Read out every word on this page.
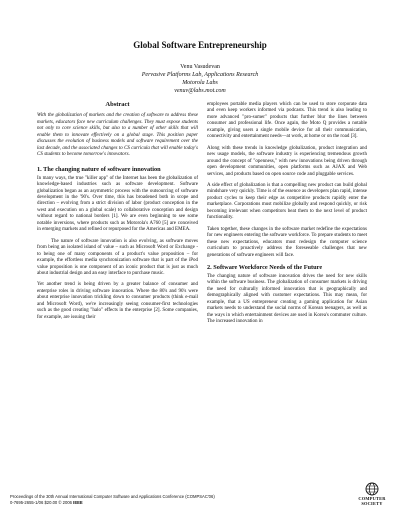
Global Software Entrepreneurship
Venu Vasudevan
Pervasive Platforms Lab, Applications Research
Motorola Labs
venuv@labs.mot.com
Abstract
With the globalization of markets and the creation of software to address these markets, educators face new curriculum challenges. They must expose students not only to core science skills, but also to a number of other skills that will enable them to innovate effectively on a global stage. This position paper discusses the evolution of business models and software requirement over the last decade, and the associated changes to CS curricula that will enable today's CS students to become tomorrow's innovators.
1. The changing nature of software innovation

In many ways, the true "killer app" of the Internet has been the globalization of knowledge-based industries such as software development. Software globalization began as an asymmetric process with the outsourcing of software development in the '90's. Over time, this has broadened both in scope and direction – evolving from a strict division of labor (product conception in the west and execution on a global scale) to collaborative conception and design without regard to national borders [1]. We are even beginning to see some notable inversions, where products such as Motorola's A760 [5] are conceived in emerging markets and refined or repurposed for the Americas and EMEA.

The nature of software innovation is also evolving, as software moves from being an isolated island of value – such as Microsoft Word or Exchange - to being one of many components of a product's value proposition – for example, the effortless media synchronization software that is part of the iPod value proposition is one component of an iconic product that is just as much about industrial design and an easy interface to purchase music.

Yet another trend is being driven by a greater balance of consumer and enterprise roles in driving software innovation. Where the 80's and 90's were about enterprise innovation trickling down to consumer products (think e-mail and Microsoft Word), we're increasingly seeing consumer-first technologies such as the good creating "halo" effects in the enterprise [2]. Some companies, for example, are issuing their

employees portable media players which can be used to store corporate data and even keep workers informed via podcasts. This trend is also leading to more advanced "pro-sumer" products that further blur the lines between consumer and professional life. Once again, the Moto Q provides a notable example, giving users a single mobile device for all their communication, connectivity and entertainment needs—at work, at home or on the road [3].

Along with these trends in knowledge globalization, product integration and new usage models, the software industry is experiencing tremendous growth around the concept of "openness," with new innovations being driven through open development communities, open platforms such as AJAX and Web services, and products based on open source code and pluggable services.

A side effect of globalization is that a compelling new product can build global mindshare very quickly. Time is of the essence as developers plan rapid, intense product cycles to keep their edge as competitive products rapidly enter the marketplace. Corporations must mobilize globally and respond quickly, or risk becoming irrelevant when competitors beat them to the next level of product functionality.

Taken together, these changes in the software market redefine the expectations for new engineers entering the software workforce. To prepare students to meet these new expectations, educators must redesign the computer science curriculum to proactively address the foreseeable challenges that new generations of software engineers will face.

2. Software Workforce Needs of the Future

The changing nature of software innovation drives the need for new skills within the software business. The globalization of consumer markets is driving the need for culturally informed innovation that is geographically and demographically aligned with customer expectations. This may mean, for example, that a US entrepreneur creating a gaming application for Asian markets needs to understand the social norms of Korean teenagers, as well as the ways in which entertainment devices are used in Korea's commuter culture. The increased innovation in

Proceedings of the 30th Annual International Computer Software and Applications Conference (COMPSAC'06)
0-7695-2655-1/06 $20.00 © 2006 IEEE
COMPUTER
SOCIETY
